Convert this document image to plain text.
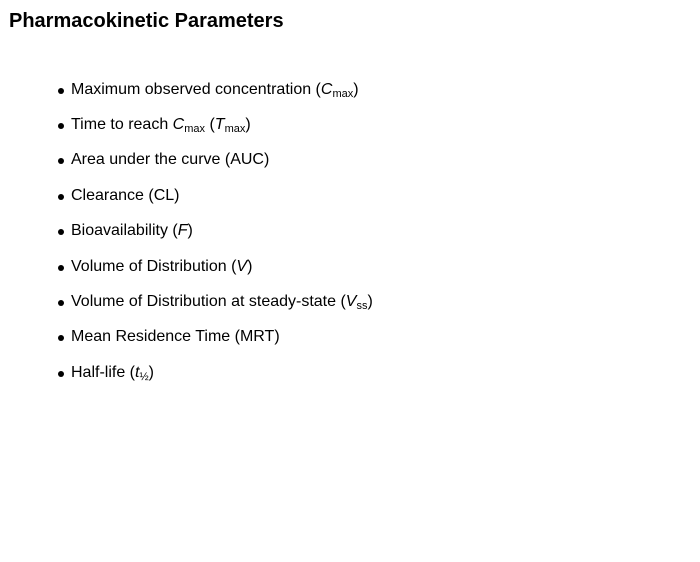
Pharmacokinetic Parameters
Maximum observed concentration $(C_{max})$
Time to reach $C_{max}$ $(T_{max})$
Area under the curve (AUC)
Clearance (CL)
Bioavailability (F)
Volume of Distribution (V)
Volume of Distribution at steady-state $(V_{ss})$
Mean Residence Time (MRT)
Half-life $(t_{\frac{1}{2}})$
